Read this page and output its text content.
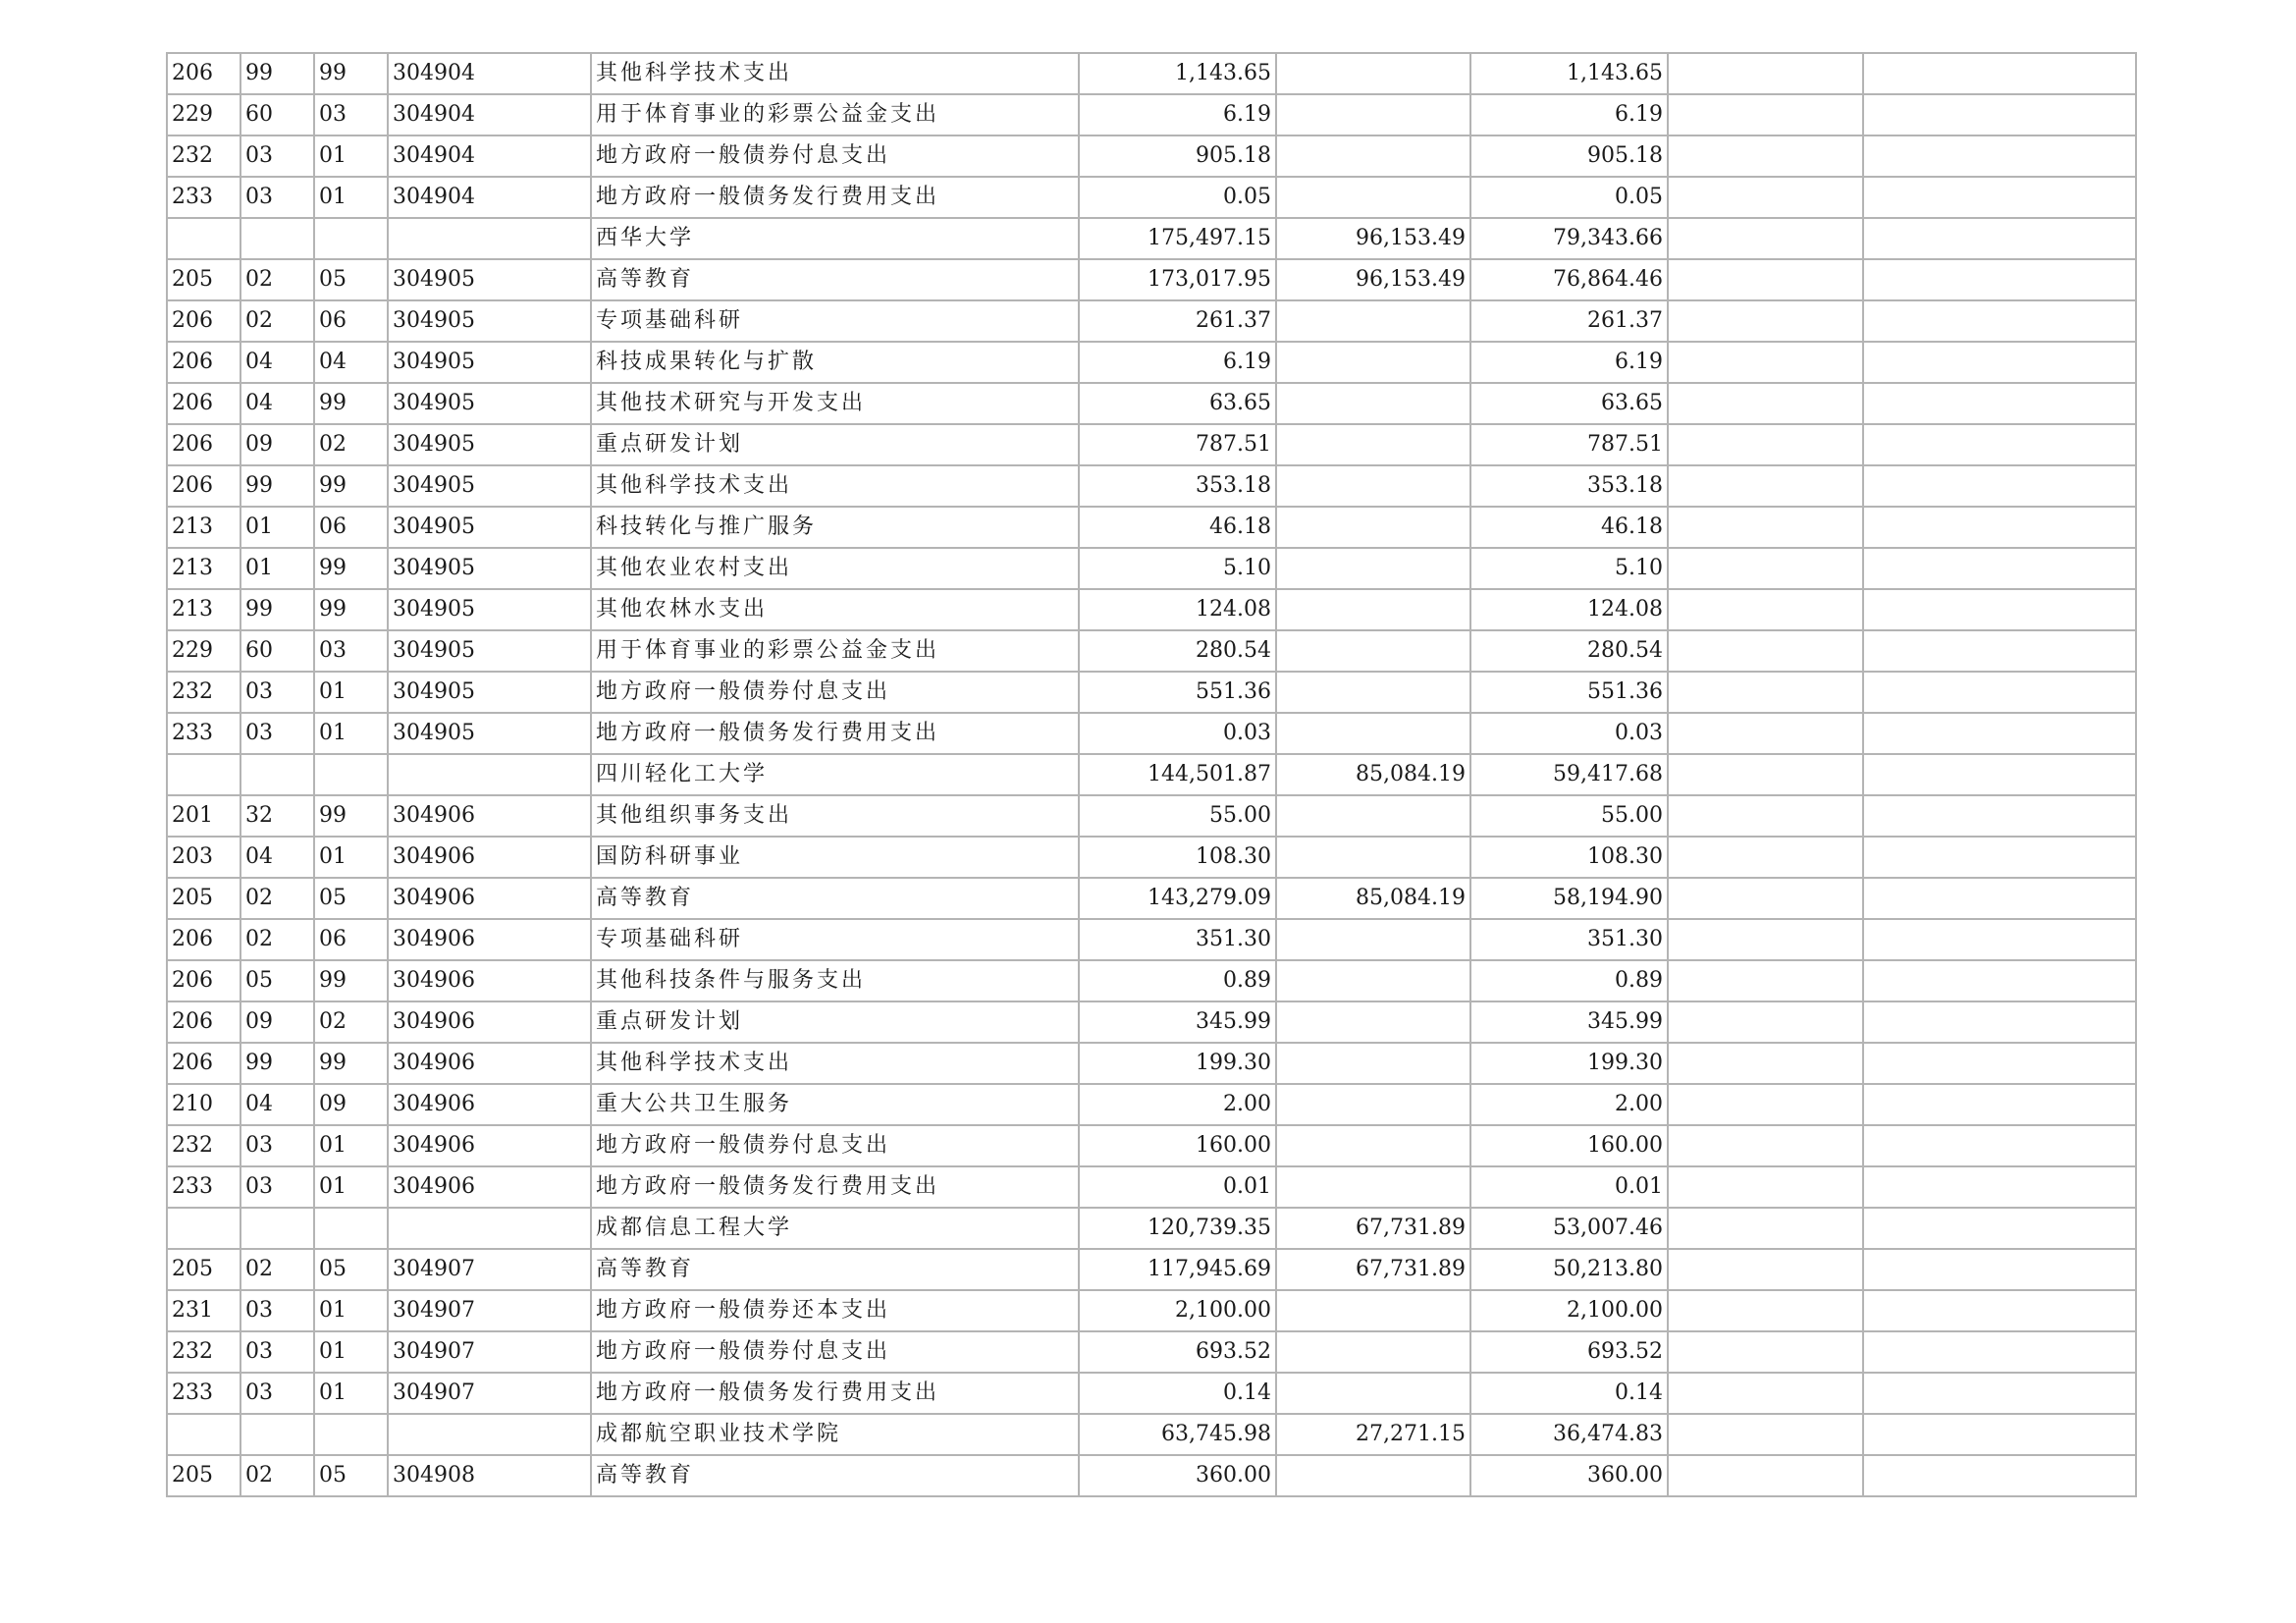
206	99	99	304904	其他科学技术支出	1,143.65		1,143.65		
229	60	03	304904	用于体育事业的彩票公益金支出	6.19		6.19		
232	03	01	304904	地方政府一般债券付息支出	905.18		905.18		
233	03	01	304904	地方政府一般债务发行费用支出	0.05		0.05		
				西华大学	175,497.15	96,153.49	79,343.66		
205	02	05	304905	高等教育	173,017.95	96,153.49	76,864.46		
206	02	06	304905	专项基础科研	261.37		261.37		
206	04	04	304905	科技成果转化与扩散	6.19		6.19		
206	04	99	304905	其他技术研究与开发支出	63.65		63.65		
206	09	02	304905	重点研发计划	787.51		787.51		
206	99	99	304905	其他科学技术支出	353.18		353.18		
213	01	06	304905	科技转化与推广服务	46.18		46.18		
213	01	99	304905	其他农业农村支出	5.10		5.10		
213	99	99	304905	其他农林水支出	124.08		124.08		
229	60	03	304905	用于体育事业的彩票公益金支出	280.54		280.54		
232	03	01	304905	地方政府一般债券付息支出	551.36		551.36		
233	03	01	304905	地方政府一般债务发行费用支出	0.03		0.03		
				四川轻化工大学	144,501.87	85,084.19	59,417.68		
201	32	99	304906	其他组织事务支出	55.00		55.00		
203	04	01	304906	国防科研事业	108.30		108.30		
205	02	05	304906	高等教育	143,279.09	85,084.19	58,194.90		
206	02	06	304906	专项基础科研	351.30		351.30		
206	05	99	304906	其他科技条件与服务支出	0.89		0.89		
206	09	02	304906	重点研发计划	345.99		345.99		
206	99	99	304906	其他科学技术支出	199.30		199.30		
210	04	09	304906	重大公共卫生服务	2.00		2.00		
232	03	01	304906	地方政府一般债券付息支出	160.00		160.00		
233	03	01	304906	地方政府一般债务发行费用支出	0.01		0.01		
				成都信息工程大学	120,739.35	67,731.89	53,007.46		
205	02	05	304907	高等教育	117,945.69	67,731.89	50,213.80		
231	03	01	304907	地方政府一般债券还本支出	2,100.00		2,100.00		
232	03	01	304907	地方政府一般债券付息支出	693.52		693.52		
233	03	01	304907	地方政府一般债务发行费用支出	0.14		0.14		
				成都航空职业技术学院	63,745.98	27,271.15	36,474.83		
205	02	05	304908	高等教育	360.00		360.00		
